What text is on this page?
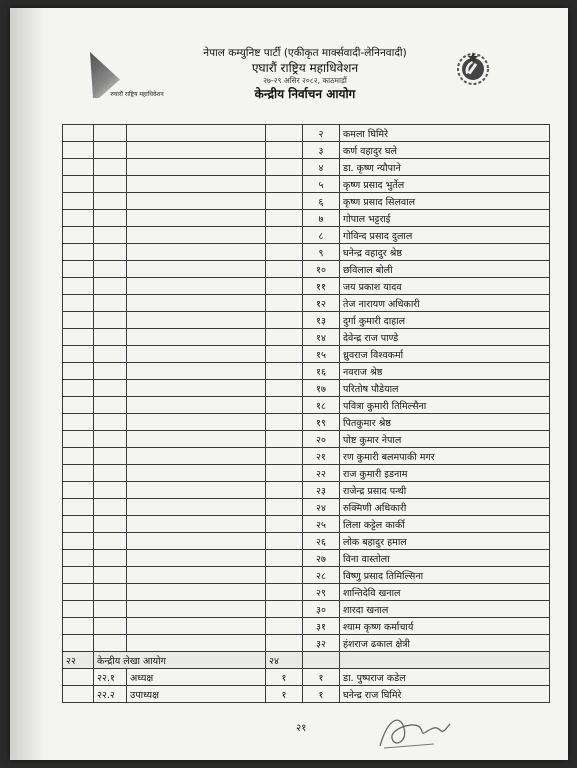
रुयारौं राष्ट्रिय महाधिवेशन
नेपाल कम्युनिष्ट पार्टी (एकीकृत मार्क्सवादी-लेनिनवादी)
एघारौं राष्ट्रिय महाधिवेशन
२७-२९ असिर २०८२, काठमाडौं
केन्द्रीय निर्वाचन आयोग
				२	कमला घिमिरे
				३	कर्ण वहादुर घले
				४	डा. कृष्ण न्यौपाने
				५	कृष्ण प्रसाद भुर्तेल
				६	कृष्ण प्रसाद सिलवाल
				७	गोपाल भट्टराई
				८	गोविन्द प्रसाद दुलाल
				९	घनेन्द्र वहादुर श्रेष्ठ
				१०	छविलाल बोली
				११	जय प्रकाश यादव
				१२	तेज नारायण अधिकारी
				१३	दुर्गा कुमारी दाहाल
				१४	देवेन्द्र राज पाण्डे
				१५	ध्रुवराज विश्वकर्मा
				१६	नवराज श्रेष्ठ
				१७	परितोष पौडेयाल
				१८	पवित्रा कुमारी तिमिल्सैना
				१९	पितकुमार श्रेष्ठ
				२०	पोष्ट कुमार नेपाल
				२१	रण कुमारी बलमपाकी मगर
				२२	राज कुमारी इडनाम
				२३	राजेन्द्र प्रसाद पन्थी
				२४	रुक्मिणी अधिकारी
				२५	लिला कट्टेल कार्की
				२६	लोक बहादुर हमाल
				२७	विना वास्तोला
				२८	विष्णु प्रसाद तिमिल्सिना
				२९	शान्तिदेवि खनाल
				३०	शारदा खनाल
				३१	श्याम कृष्ण कर्माचार्य
				३२	हंशराज ढकाल क्षेत्री
२२	केन्द्रीय लेखा आयोग		२४		
	२२.१	अध्यक्ष	१	१	डा. पुष्पराज कडेल
	२२.२	उपाध्यक्ष	१	१	घनेन्द्र राज घिमिरे
२१
